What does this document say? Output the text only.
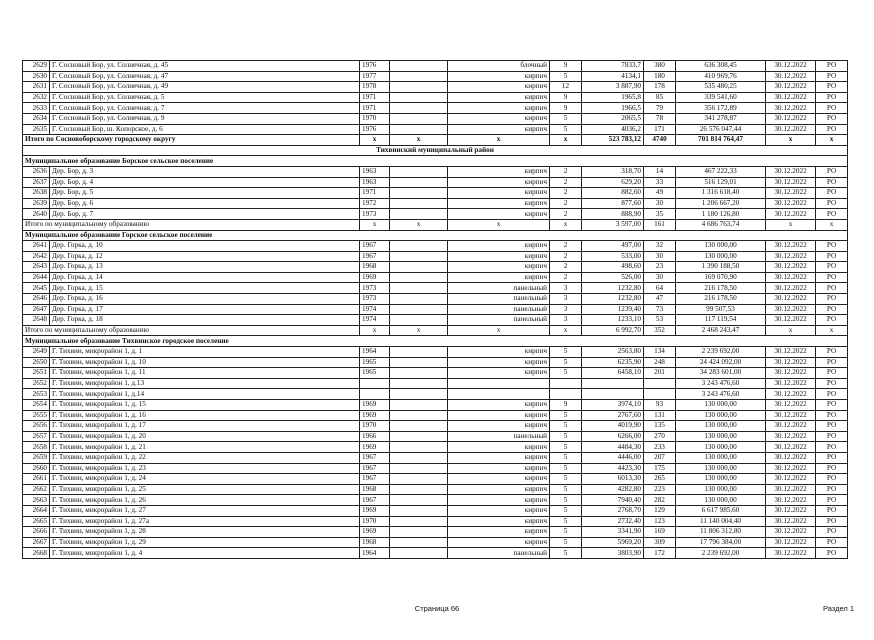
2629	Г. Сосновый Бор, ул. Солнечная, д. 45	1976		блочный	9	7833,7	380	636 308,45	30.12.2022	РО
2630	Г. Сосновый Бор, ул. Солнечная, д. 47	1977		кирпич	5	4134,1	180	410 969,76	30.12.2022	РО
2631	Г. Сосновый Бор, ул. Солнечная, д. 49	1978		кирпич	12	3 887,90	178	535 480,25	30.12.2022	РО
2632	Г. Сосновый Бор, ул. Солнечная, д. 5	1971		кирпич	9	1965,8	85	339 541,60	30.12.2022	РО
2633	Г. Сосновый Бор, ул. Солнечная, д. 7	1971		кирпич	9	1966,5	79	356 172,89	30.12.2022	РО
2634	Г. Сосновый Бор, ул. Солнечная, д. 9	1970		кирпич	5	2065,5	78	341 278,87	30.12.2022	РО
2635	Г. Сосновый Бор, ш. Копорское, д. 6	1976		кирпич	5	4036,2	171	26 576 047,44	30.12.2022	РО
Итого по Сосновоборскому городскому округу		x	x	x	x	523 783,12	4740	701 814 764,47	x	x
Тихвинский муниципальный район										
Муниципальное образование Борское сельское поселение										
2636	Дер. Бор, д. 3	1963		кирпич	2	318,70	14	467 222,33	30.12.2022	РО
2637	Дер. Бор, д. 4	1963		кирпич	2	629,20	33	516 129,01	30.12.2022	РО
2638	Дер. Бор, д. 5	1971		кирпич	2	882,60	49	1 316 618,40	30.12.2022	РО
2639	Дер. Бор, д. 6	1972		кирпич	2	877,60	30	1 206 667,20	30.12.2022	РО
2640	Дер. Бор, д. 7	1973		кирпич	2	888,90	35	1 180 126,80	30.12.2022	РО
Итого по муниципальному образованию		x	x	x	x	3 597,00	161	4 686 763,74	x	x
Муниципальное образование Горское сельское поселение										
2641	Дер. Горка, д. 10	1967		кирпич	2	497,00	32	130 000,00	30.12.2022	РО
2642	Дер. Горка, д. 12	1967		кирпич	2	533,00	30	130 000,00	30.12.2022	РО
2643	Дер. Горка, д. 13	1968		кирпич	2	498,60	23	1 390 188,50	30.12.2022	РО
2644	Дер. Горка, д. 14	1969		кирпич	2	526,00	30	169 070,90	30.12.2022	РО
2645	Дер. Горка, д. 15	1973		панельный	3	1232,80	64	216 178,50	30.12.2022	РО
2646	Дер. Горка, д. 16	1973		панельный	3	1232,80	47	216 178,50	30.12.2022	РО
2647	Дер. Горка, д. 17	1974		панельный	3	1239,40	73	99 507,53	30.12.2022	РО
2648	Дер. Горка, д. 18	1974		панельный	3	1233,10	53	117 119,54	30.12.2022	РО
Итого по муниципальному образованию		x	x	x	x	6 992,70	352	2 468 243,47	x	x
Муниципальное образование Тихвинское городское поселение										
2649	Г. Тихвин, микрорайон 1, д. 1	1964		кирпич	5	2563,80	134	2 239 692,00	30.12.2022	РО
2650	Г. Тихвин, микрорайон 1, д. 10	1965		кирпич	5	6235,90	248	24 424 092,00	30.12.2022	РО
2651	Г. Тихвин, микрорайон 1, д. 11	1965		кирпич	5	6458,10	201	34 283 601,00	30.12.2022	РО
2652	Г. Тихвин, микрорайон 1, д.13							3 243 476,60	30.12.2022	РО
2653	Г. Тихвин, микрорайон 1, д.14							3 243 476,60	30.12.2022	РО
2654	Г. Тихвин, микрорайон 1, д. 15	1969		кирпич	9	3974,10	93	130 000,00	30.12.2022	РО
2655	Г. Тихвин, микрорайон 1, д. 16	1969		кирпич	5	2767,60	131	130 000,00	30.12.2022	РО
2656	Г. Тихвин, микрорайон 1, д. 17	1970		кирпич	5	4019,90	135	130 000,00	30.12.2022	РО
2657	Г. Тихвин, микрорайон 1, д. 20	1966		панельный	5	6266,00	270	130 000,00	30.12.2022	РО
2658	Г. Тихвин, микрорайон 1, д. 21	1969		кирпич	5	4484,30	233	130 000,00	30.12.2022	РО
2659	Г. Тихвин, микрорайон 1, д. 22	1967		кирпич	5	4446,00	207	130 000,00	30.12.2022	РО
2660	Г. Тихвин, микрорайон 1, д. 23	1967		кирпич	5	4423,30	175	130 000,00	30.12.2022	РО
2661	Г. Тихвин, микрорайон 1, д. 24	1967		кирпич	5	6013,30	265	130 000,00	30.12.2022	РО
2662	Г. Тихвин, микрорайон 1, д. 25	1968		кирпич	5	4282,80	223	130 000,00	30.12.2022	РО
2663	Г. Тихвин, микрорайон 1, д. 26	1967		кирпич	5	7940,40	282	130 000,00	30.12.2022	РО
2664	Г. Тихвин, микрорайон 1, д. 27	1969		кирпич	5	2768,70	129	6 617 985,60	30.12.2022	РО
2665	Г. Тихвин, микрорайон 1, д. 27а	1970		кирпич	5	2732,40	123	11 140 004,40	30.12.2022	РО
2666	Г. Тихвин, микрорайон 1, д. 28	1969		кирпич	5	3341,90	169	11 806 312,80	30.12.2022	РО
2667	Г. Тихвин, микрорайон 1, д. 29	1968		кирпич	5	5969,20	309	17 796 384,00	30.12.2022	РО
2668	Г. Тихвин, микрорайон 1, д. 4	1964		панельный	5	3803,90	172	2 239 692,00	30.12.2022	РО
Страница 66	Раздел 1
